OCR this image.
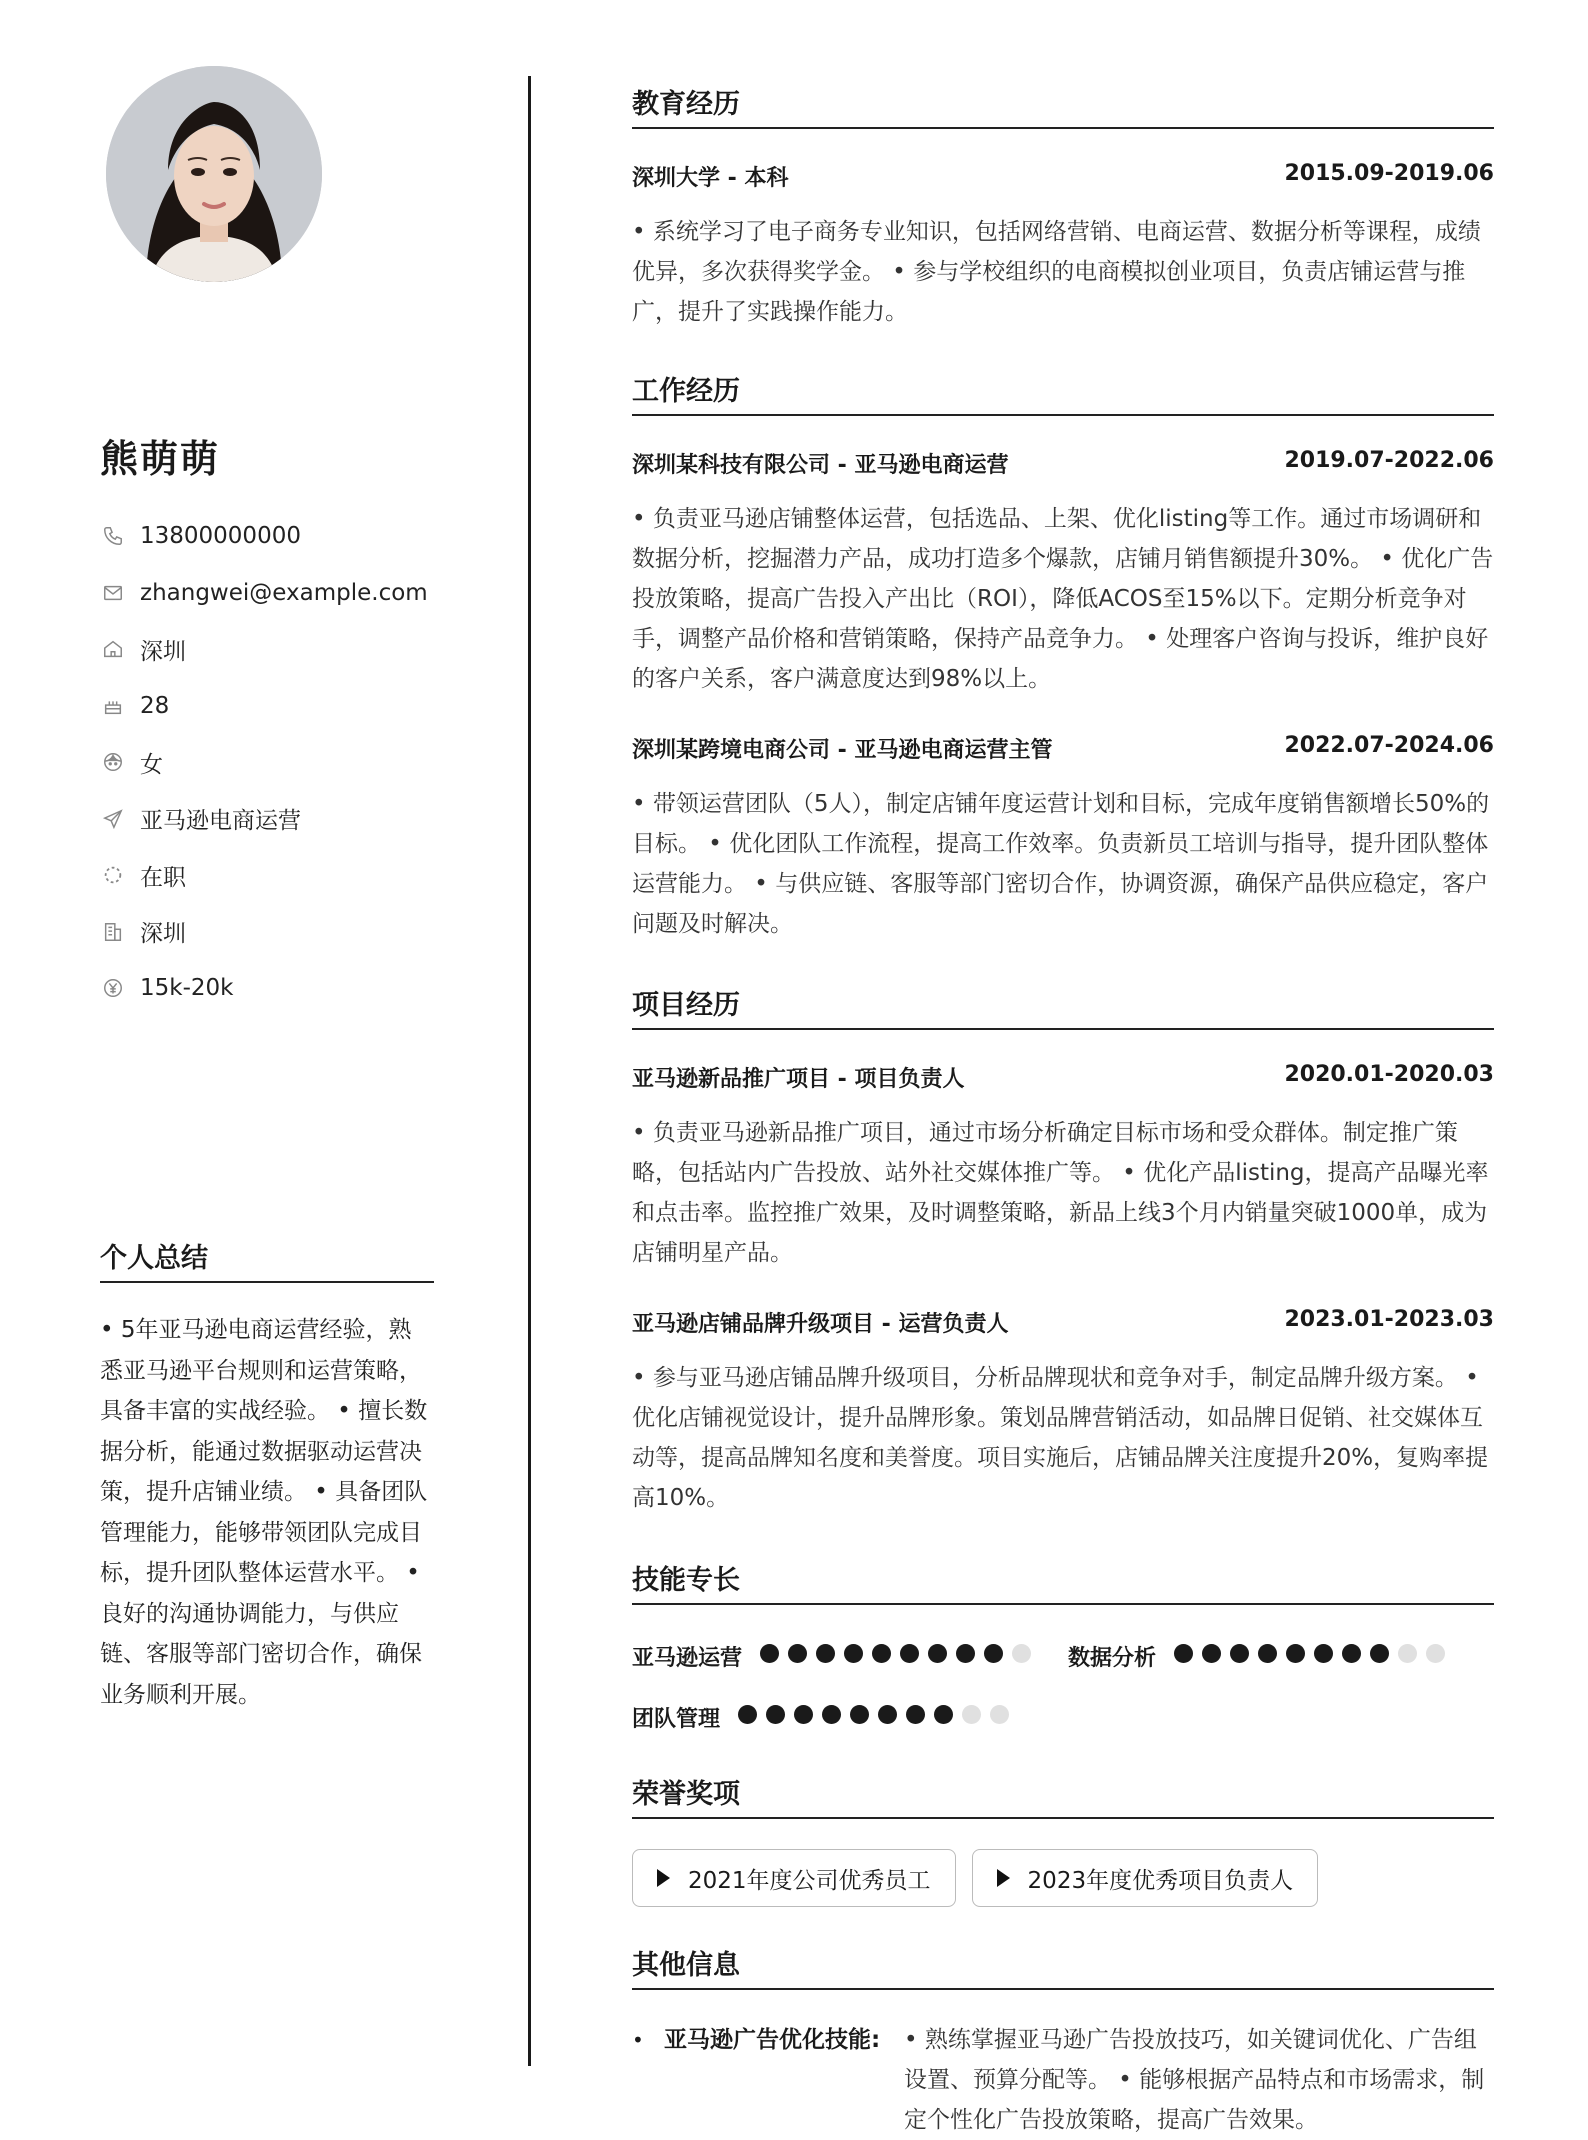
熊萌萌
13800000000
zhangwei@example.com
深圳
28
女
亚马逊电商运营
在职
深圳
15k-20k
个人总结

• 5年亚马逊电商运营经验，熟悉亚马逊平台规则和运营策略，具备丰富的实战经验。 • 擅长数据分析，能通过数据驱动运营决策，提升店铺业绩。 • 具备团队管理能力，能够带领团队完成目标，提升团队整体运营水平。 • 良好的沟通协调能力，与供应链、客服等部门密切合作，确保业务顺利开展。

教育经历
深圳大学 - 本科	2015.09-2019.06

• 系统学习了电子商务专业知识，包括网络营销、电商运营、数据分析等课程，成绩优异，多次获得奖学金。 • 参与学校组织的电商模拟创业项目，负责店铺运营与推广，提升了实践操作能力。

工作经历
深圳某科技有限公司 - 亚马逊电商运营	2019.07-2022.06

• 负责亚马逊店铺整体运营，包括选品、上架、优化listing等工作。通过市场调研和数据分析，挖掘潜力产品，成功打造多个爆款，店铺月销售额提升30%。 • 优化广告投放策略，提高广告投入产出比（ROI），降低ACOS至15%以下。定期分析竞争对手，调整产品价格和营销策略，保持产品竞争力。 • 处理客户咨询与投诉，维护良好的客户关系，客户满意度达到98%以上。

深圳某跨境电商公司 - 亚马逊电商运营主管	2022.07-2024.06

• 带领运营团队（5人），制定店铺年度运营计划和目标，完成年度销售额增长50%的目标。 • 优化团队工作流程，提高工作效率。负责新员工培训与指导，提升团队整体运营能力。 • 与供应链、客服等部门密切合作，协调资源，确保产品供应稳定，客户问题及时解决。

项目经历
亚马逊新品推广项目 - 项目负责人	2020.01-2020.03

• 负责亚马逊新品推广项目，通过市场分析确定目标市场和受众群体。制定推广策略，包括站内广告投放、站外社交媒体推广等。 • 优化产品listing，提高产品曝光率和点击率。监控推广效果，及时调整策略，新品上线3个月内销量突破1000单，成为店铺明星产品。

亚马逊店铺品牌升级项目 - 运营负责人	2023.01-2023.03

• 参与亚马逊店铺品牌升级项目，分析品牌现状和竞争对手，制定品牌升级方案。 • 优化店铺视觉设计，提升品牌形象。策划品牌营销活动，如品牌日促销、社交媒体互动等，提高品牌知名度和美誉度。项目实施后，店铺品牌关注度提升20%，复购率提高10%。

技能专长
亚马逊运营	数据分析
团队管理
荣誉奖项
2021年度公司优秀员工	2023年度优秀项目负责人
其他信息
• 亚马逊广告优化技能:	• 熟练掌握亚马逊广告投放技巧，如关键词优化、广告组设置、预算分配等。 • 能够根据产品特点和市场需求，制定个性化广告投放策略，提高广告效果。
